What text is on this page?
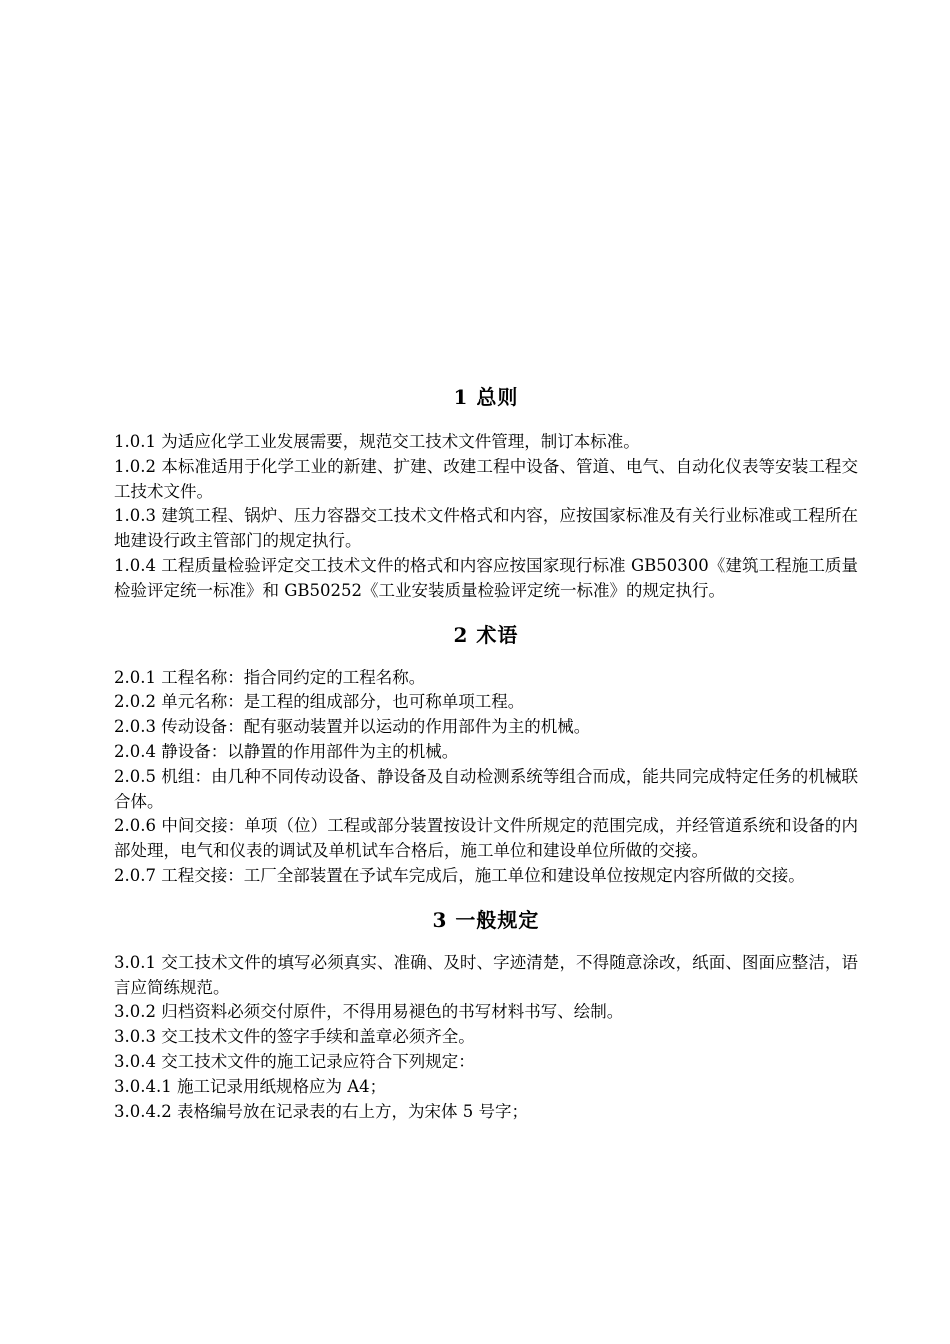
1 总则

1.0.1 为适应化学工业发展需要，规范交工技术文件管理，制订本标准。

1.0.2 本标准适用于化学工业的新建、扩建、改建工程中设备、管道、电气、自动化仪表等安装工程交工技术文件。

1.0.3 建筑工程、锅炉、压力容器交工技术文件格式和内容，应按国家标准及有关行业标准或工程所在地建设行政主管部门的规定执行。

1.0.4 工程质量检验评定交工技术文件的格式和内容应按国家现行标准 GB50300《建筑工程施工质量检验评定统一标准》和 GB50252《工业安装质量检验评定统一标准》的规定执行。

2 术语

2.0.1 工程名称：指合同约定的工程名称。

2.0.2 单元名称：是工程的组成部分，也可称单项工程。

2.0.3 传动设备：配有驱动装置并以运动的作用部件为主的机械。

2.0.4 静设备：以静置的作用部件为主的机械。

2.0.5 机组：由几种不同传动设备、静设备及自动检测系统等组合而成，能共同完成特定任务的机械联合体。

2.0.6 中间交接：单项（位）工程或部分装置按设计文件所规定的范围完成，并经管道系统和设备的内部处理，电气和仪表的调试及单机试车合格后，施工单位和建设单位所做的交接。

2.0.7 工程交接：工厂全部装置在予试车完成后，施工单位和建设单位按规定内容所做的交接。

3 一般规定

3.0.1 交工技术文件的填写必须真实、准确、及时、字迹清楚，不得随意涂改，纸面、图面应整洁，语言应简练规范。

3.0.2 归档资料必须交付原件，不得用易褪色的书写材料书写、绘制。

3.0.3 交工技术文件的签字手续和盖章必须齐全。

3.0.4 交工技术文件的施工记录应符合下列规定：

3.0.4.1 施工记录用纸规格应为 A4；

3.0.4.2 表格编号放在记录表的右上方，为宋体 5 号字；
